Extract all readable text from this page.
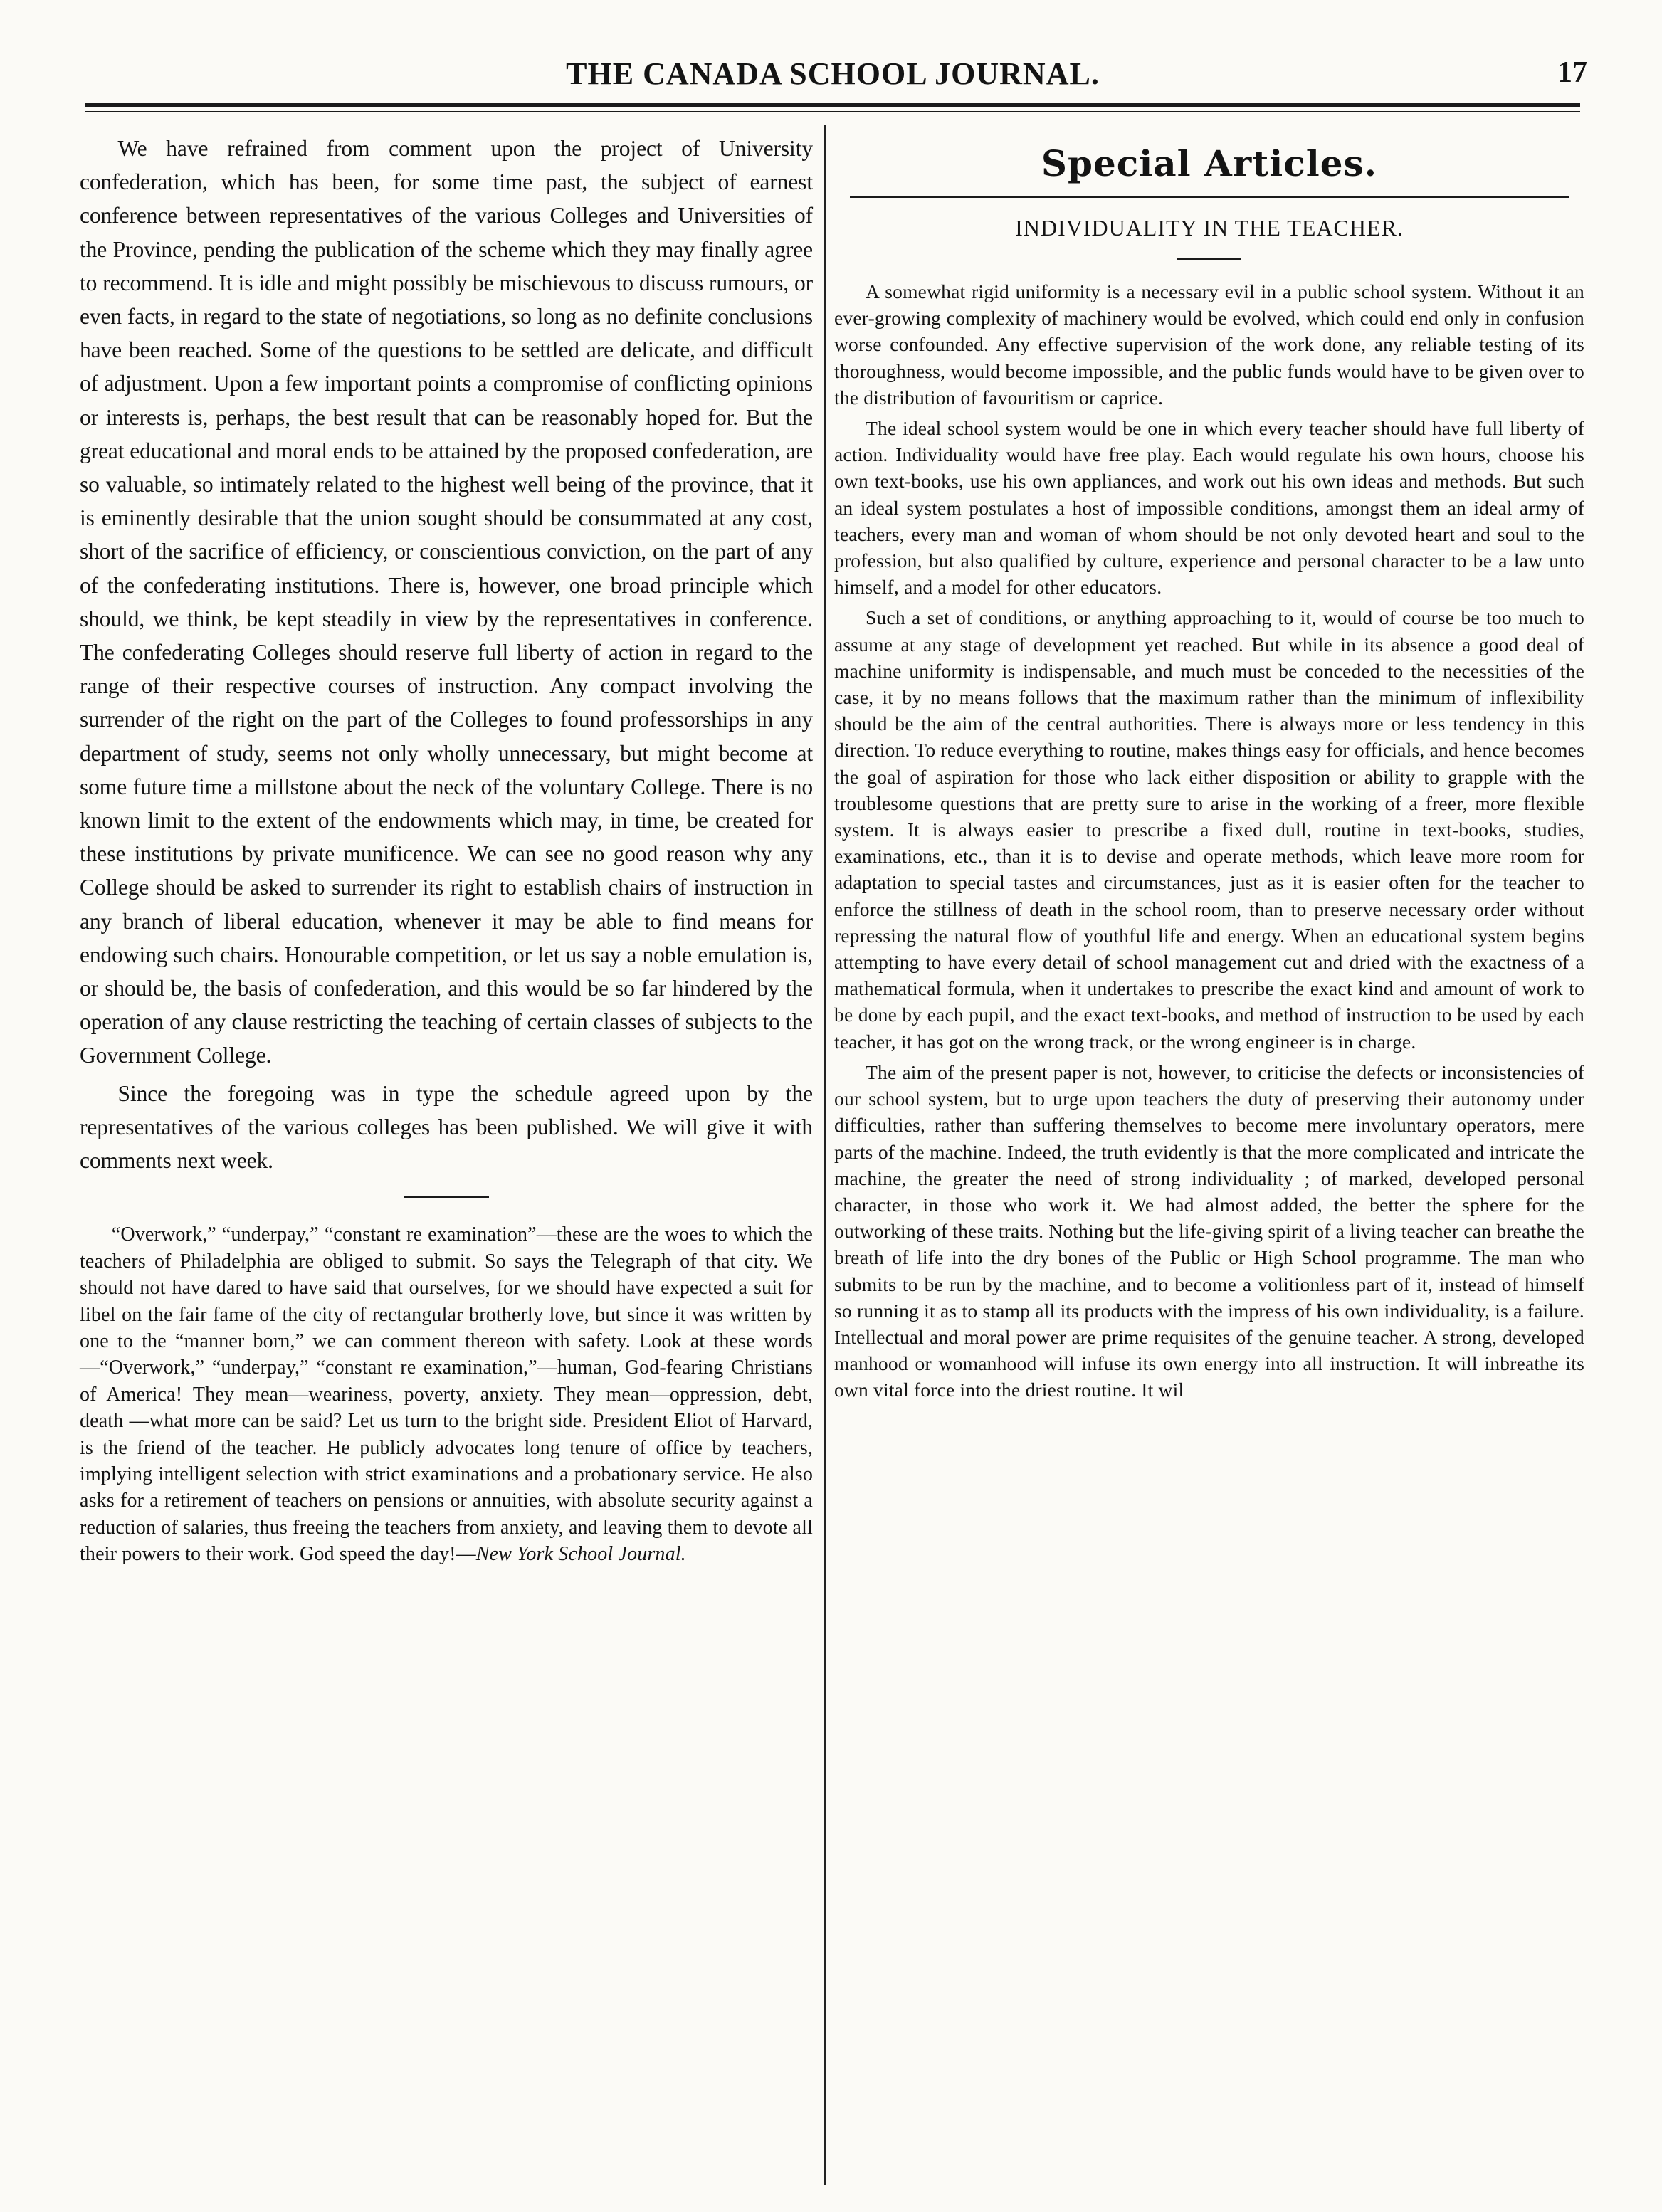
THE CANADA SCHOOL JOURNAL.	17

We have refrained from comment upon the project of University confederation, which has been, for some time past, the subject of earnest conference between representatives of the various Colleges and Universities of the Province, pending the publication of the scheme which they may finally agree to recommend. It is idle and might possibly be mischievous to discuss rumours, or even facts, in regard to the state of negotiations, so long as no definite conclusions have been reached. Some of the questions to be settled are delicate, and difficult of adjustment. Upon a few important points a compromise of conflicting opinions or interests is, perhaps, the best result that can be reasonably hoped for. But the great educational and moral ends to be attained by the proposed confederation, are so valuable, so intimately related to the highest well being of the province, that it is eminently desirable that the union sought should be consummated at any cost, short of the sacrifice of efficiency, or conscientious conviction, on the part of any of the confederating institutions. There is, however, one broad principle which should, we think, be kept steadily in view by the representatives in conference. The confederating Colleges should reserve full liberty of action in regard to the range of their respective courses of instruction. Any compact involving the surrender of the right on the part of the Colleges to found professorships in any department of study, seems not only wholly unnecessary, but might become at some future time a millstone about the neck of the voluntary College. There is no known limit to the extent of the endowments which may, in time, be created for these institutions by private munificence. We can see no good reason why any College should be asked to surrender its right to establish chairs of instruction in any branch of liberal education, whenever it may be able to find means for endowing such chairs. Honourable competition, or let us say a noble emulation is, or should be, the basis of confederation, and this would be so far hindered by the operation of any clause restricting the teaching of certain classes of subjects to the Government College.

Since the foregoing was in type the schedule agreed upon by the representatives of the various colleges has been published. We will give it with comments next week.

“Overwork,” “underpay,” “constant re examination”—these are the woes to which the teachers of Philadelphia are obliged to submit. So says the Telegraph of that city. We should not have dared to have said that ourselves, for we should have expected a suit for libel on the fair fame of the city of rectangular brotherly love, but since it was written by one to the “manner born,” we can comment thereon with safety. Look at these words—“Overwork,” “underpay,” “constant re examination,”—human, God-fearing Christians of America! They mean—weariness, poverty, anxiety. They mean—oppression, debt, death —what more can be said? Let us turn to the bright side. President Eliot of Harvard, is the friend of the teacher. He publicly advocates long tenure of office by teachers, implying intelligent selection with strict examinations and a probationary service. He also asks for a retirement of teachers on pensions or annuities, with absolute security against a reduction of salaries, thus freeing the teachers from anxiety, and leaving them to devote all their powers to their work. God speed the day!—New York School Journal.

Special Articles.
INDIVIDUALITY IN THE TEACHER.

A somewhat rigid uniformity is a necessary evil in a public school system. Without it an ever-growing complexity of machinery would be evolved, which could end only in confusion worse confounded. Any effective supervision of the work done, any reliable testing of its thoroughness, would become impossible, and the public funds would have to be given over to the distribution of favouritism or caprice.

The ideal school system would be one in which every teacher should have full liberty of action. Individuality would have free play. Each would regulate his own hours, choose his own text-books, use his own appliances, and work out his own ideas and methods. But such an ideal system postulates a host of impossible conditions, amongst them an ideal army of teachers, every man and woman of whom should be not only devoted heart and soul to the profession, but also qualified by culture, experience and personal character to be a law unto himself, and a model for other educators.

Such a set of conditions, or anything approaching to it, would of course be too much to assume at any stage of development yet reached. But while in its absence a good deal of machine uniformity is indispensable, and much must be conceded to the necessities of the case, it by no means follows that the maximum rather than the minimum of inflexibility should be the aim of the central authorities. There is always more or less tendency in this direction. To reduce everything to routine, makes things easy for officials, and hence becomes the goal of aspiration for those who lack either disposition or ability to grapple with the troublesome questions that are pretty sure to arise in the working of a freer, more flexible system. It is always easier to prescribe a fixed dull, routine in text-books, studies, examinations, etc., than it is to devise and operate methods, which leave more room for adaptation to special tastes and circumstances, just as it is easier often for the teacher to enforce the stillness of death in the school room, than to preserve necessary order without repressing the natural flow of youthful life and energy. When an educational system begins attempting to have every detail of school management cut and dried with the exactness of a mathematical formula, when it undertakes to prescribe the exact kind and amount of work to be done by each pupil, and the exact text-books, and method of instruction to be used by each teacher, it has got on the wrong track, or the wrong engineer is in charge.

The aim of the present paper is not, however, to criticise the defects or inconsistencies of our school system, but to urge upon teachers the duty of preserving their autonomy under difficulties, rather than suffering themselves to become mere involuntary operators, mere parts of the machine. Indeed, the truth evidently is that the more complicated and intricate the machine, the greater the need of strong individuality ; of marked, developed personal character, in those who work it. We had almost added, the better the sphere for the outworking of these traits. Nothing but the life-giving spirit of a living teacher can breathe the breath of life into the dry bones of the Public or High School programme. The man who submits to be run by the machine, and to become a volitionless part of it, instead of himself so running it as to stamp all its products with the impress of his own individuality, is a failure. Intellectual and moral power are prime requisites of the genuine teacher. A strong, developed manhood or womanhood will infuse its own energy into all instruction. It will inbreathe its own vital force into the driest routine. It wil
